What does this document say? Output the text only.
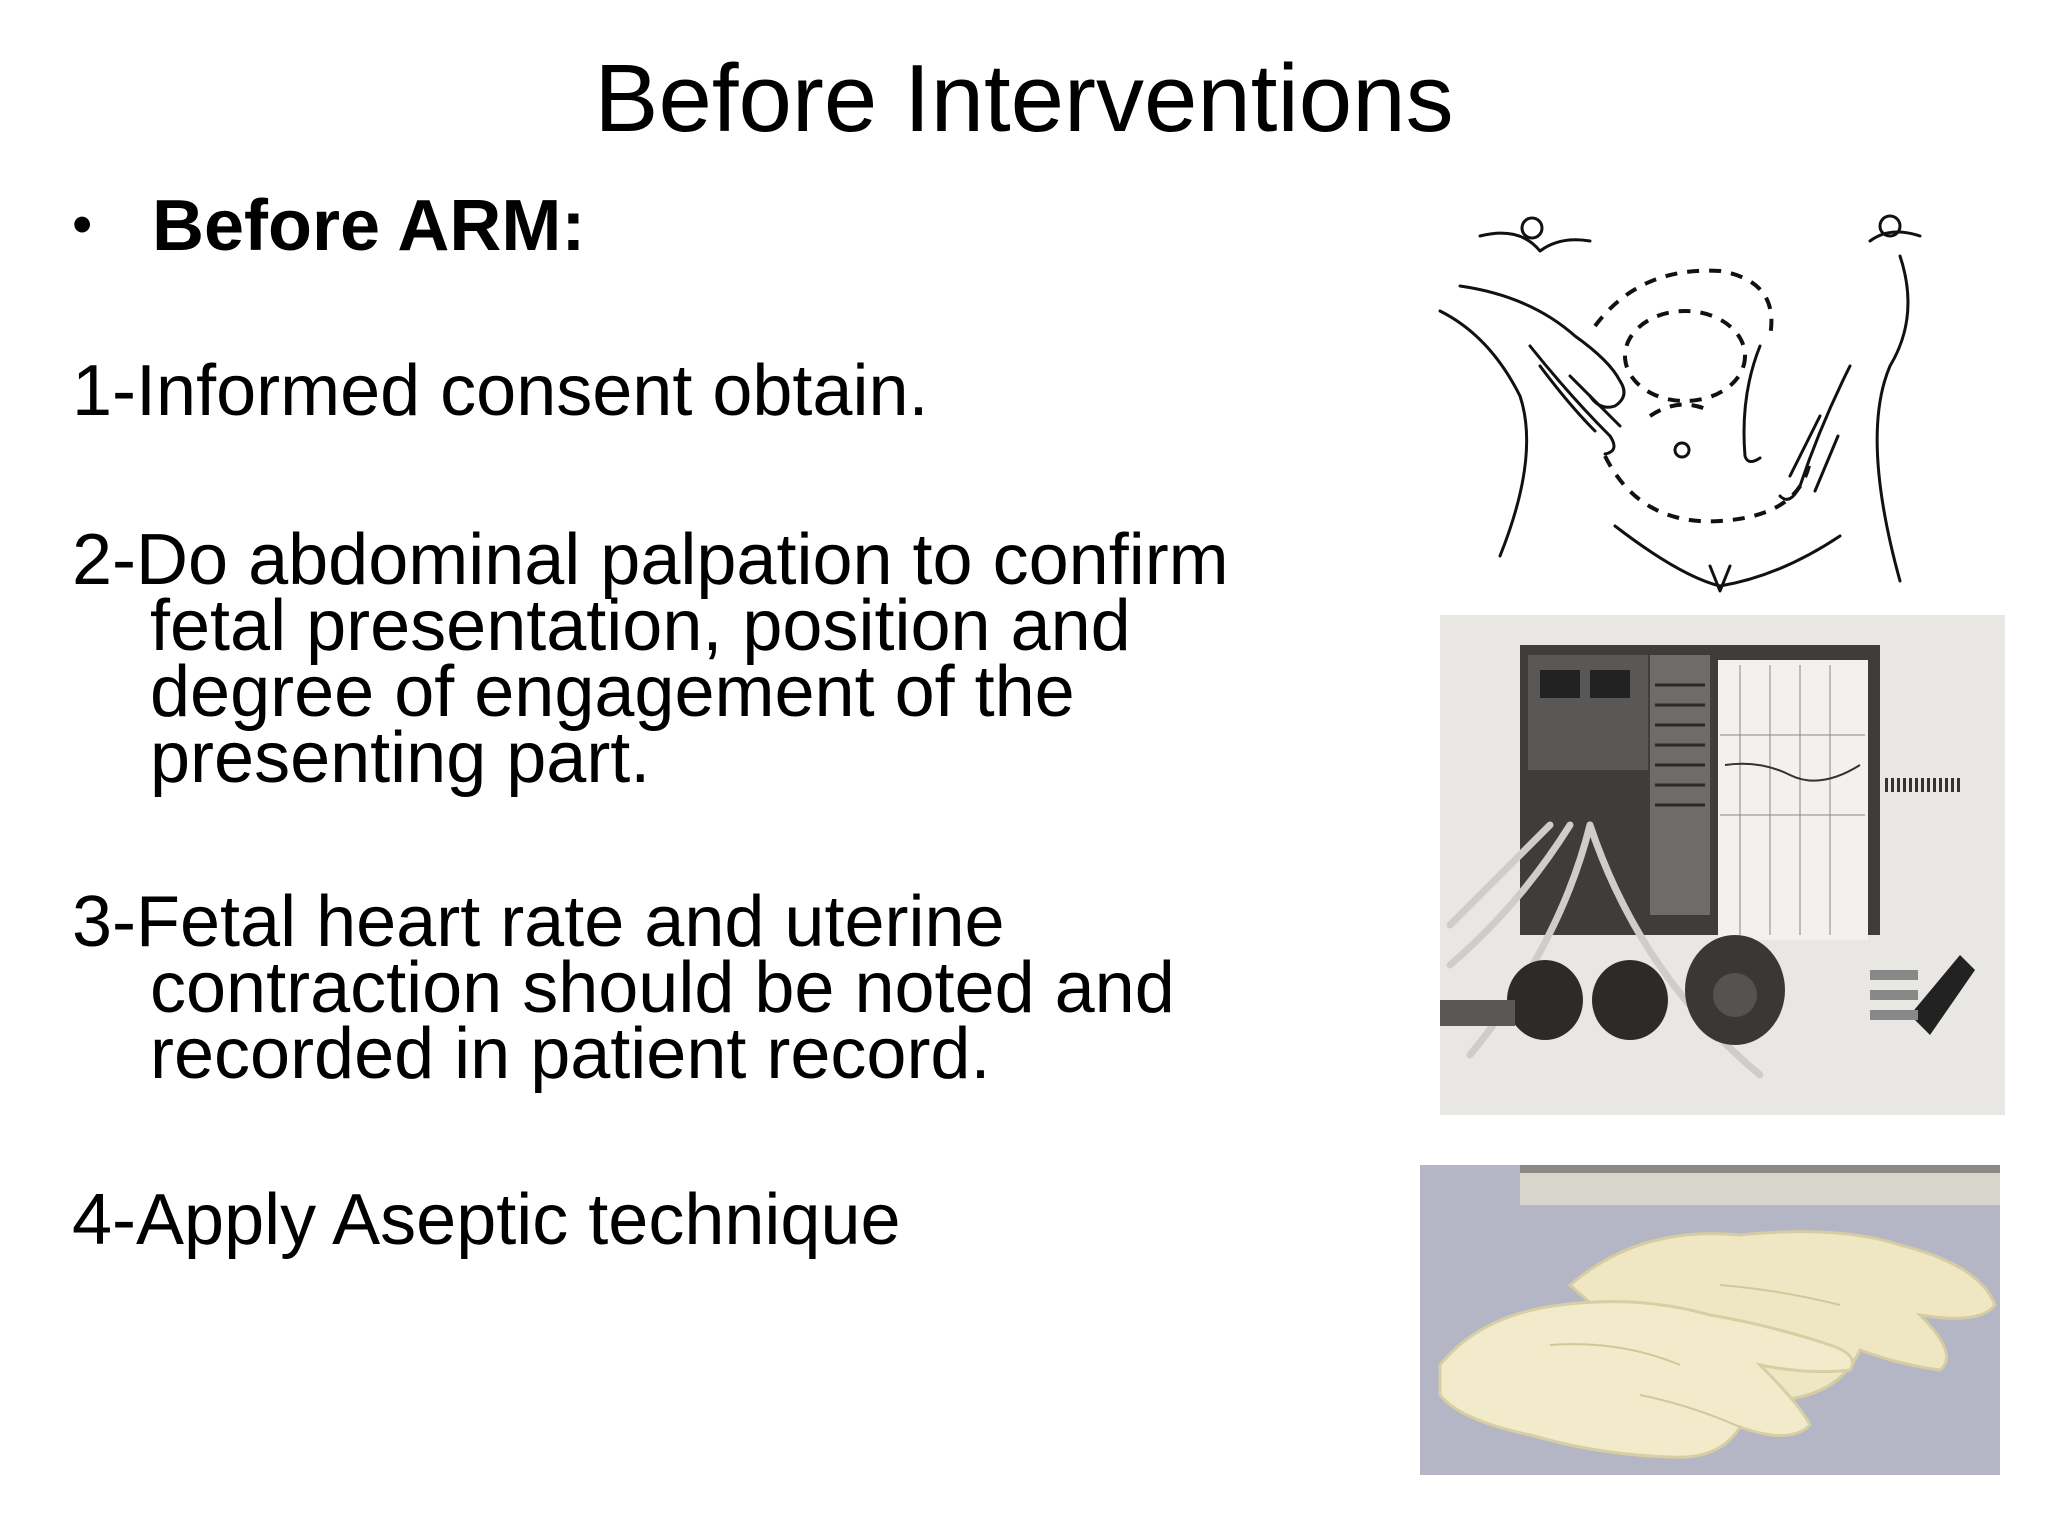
Before Interventions
• Before ARM:
1-Informed consent obtain.
2-Do abdominal palpation to confirm
fetal presentation, position and
degree of engagement of the
presenting part.
3-Fetal heart rate and uterine
contraction should be noted and
recorded in patient record.
4-Apply Aseptic technique
